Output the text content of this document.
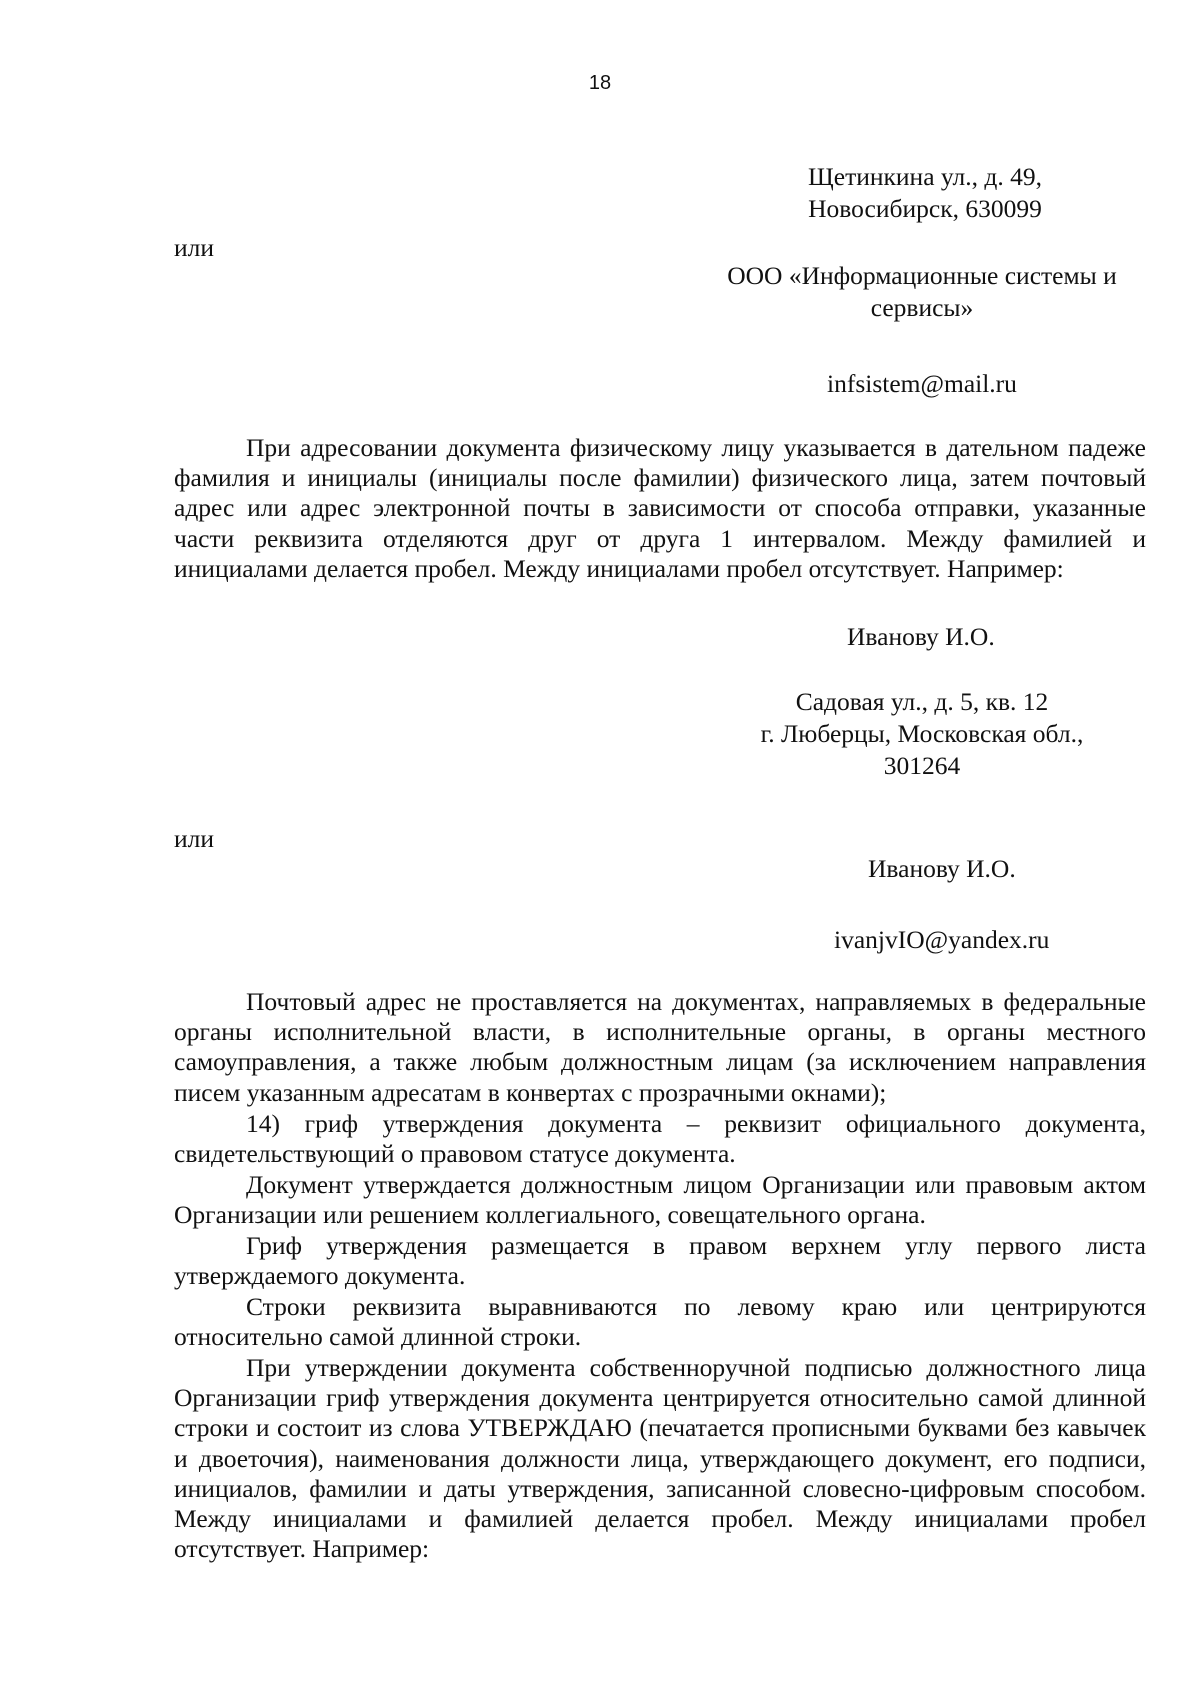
18
Щетинкина ул., д. 49,
Новосибирск, 630099
или
ООО «Информационные системы и
сервисы»
infsistem@mail.ru

При адресовании документа физическому лицу указывается в дательном падеже фамилия и инициалы (инициалы после фамилии) физического лица, затем почтовый адрес или адрес электронной почты в зависимости от способа отправки, указанные части реквизита отделяются друг от друга 1 интервалом. Между фамилией и инициалами делается пробел. Между инициалами пробел отсутствует. Например:

Иванову И.О.
Садовая ул., д. 5, кв. 12
г. Люберцы, Московская обл.,
301264
или
Иванову И.О.
ivanjvIO@yandex.ru

Почтовый адрес не проставляется на документах, направляемых в федеральные органы исполнительной власти, в исполнительные органы, в органы местного самоуправления, а также любым должностным лицам (за исключением направления писем указанным адресатам в конвертах с прозрачными окнами);

14) гриф утверждения документа – реквизит официального документа, свидетельствующий о правовом статусе документа.

Документ утверждается должностным лицом Организации или правовым актом Организации или решением коллегиального, совещательного органа.

Гриф утверждения размещается в правом верхнем углу первого листа утверждаемого документа.

Строки реквизита выравниваются по левому краю или центрируются относительно самой длинной строки.

При утверждении документа собственноручной подписью должностного лица Организации гриф утверждения документа центрируется относительно самой длинной строки и состоит из слова УТВЕРЖДАЮ (печатается прописными буквами без кавычек и двоеточия), наименования должности лица, утверждающего документ, его подписи, инициалов, фамилии и даты утверждения, записанной словесно-цифровым способом. Между инициалами и фамилией делается пробел. Между инициалами пробел отсутствует. Например:
